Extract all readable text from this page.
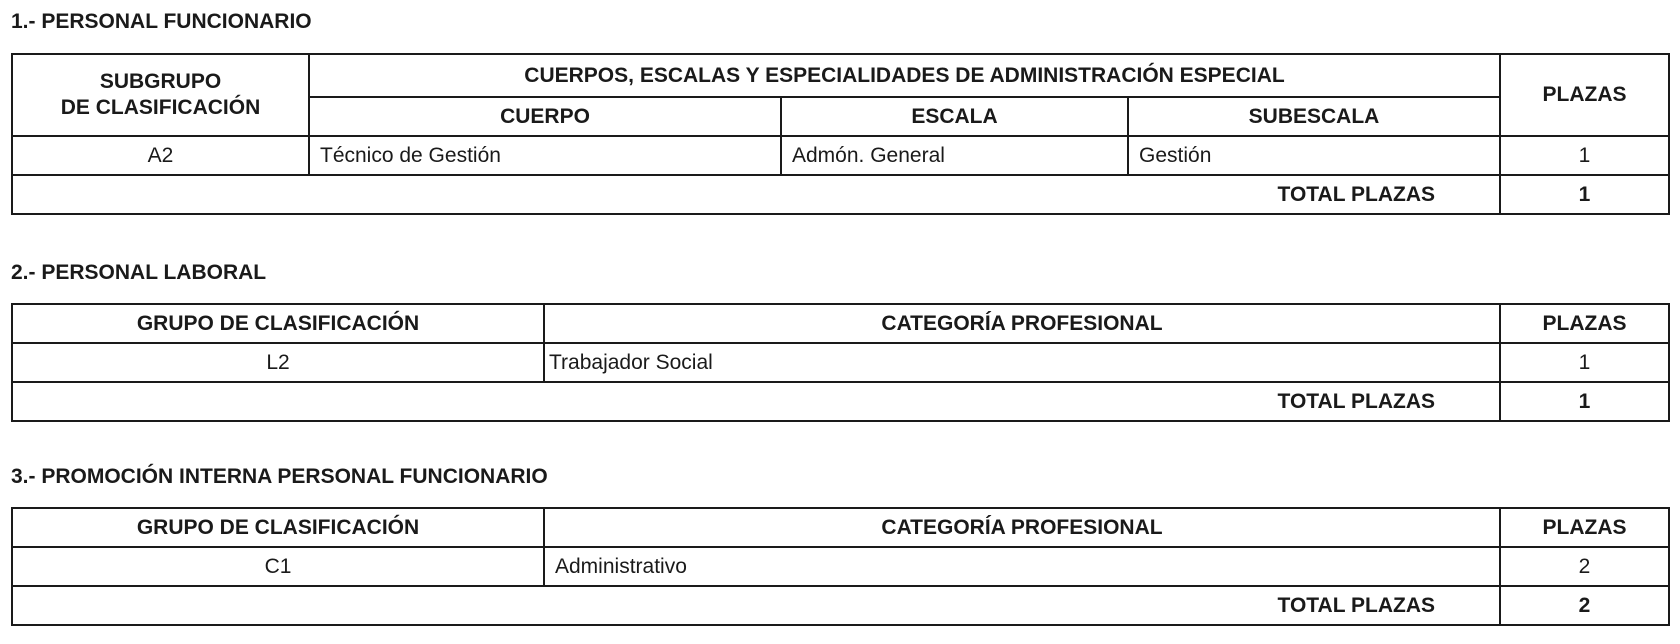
1.- PERSONAL FUNCIONARIO
SUBGRUPO
DE CLASIFICACIÓN	CUERPOS, ESCALAS Y ESPECIALIDADES DE ADMINISTRACIÓN ESPECIAL			PLAZAS
	CUERPO	ESCALA	SUBESCALA	
A2	Técnico de Gestión	Admón. General	Gestión	1
TOTAL PLAZAS				1
2.- PERSONAL LABORAL
GRUPO DE CLASIFICACIÓN	CATEGORÍA PROFESIONAL	PLAZAS
L2	Trabajador Social	1
TOTAL PLAZAS		1
3.- PROMOCIÓN INTERNA PERSONAL FUNCIONARIO
GRUPO DE CLASIFICACIÓN	CATEGORÍA PROFESIONAL	PLAZAS
C1	Administrativo	2
TOTAL PLAZAS		2
